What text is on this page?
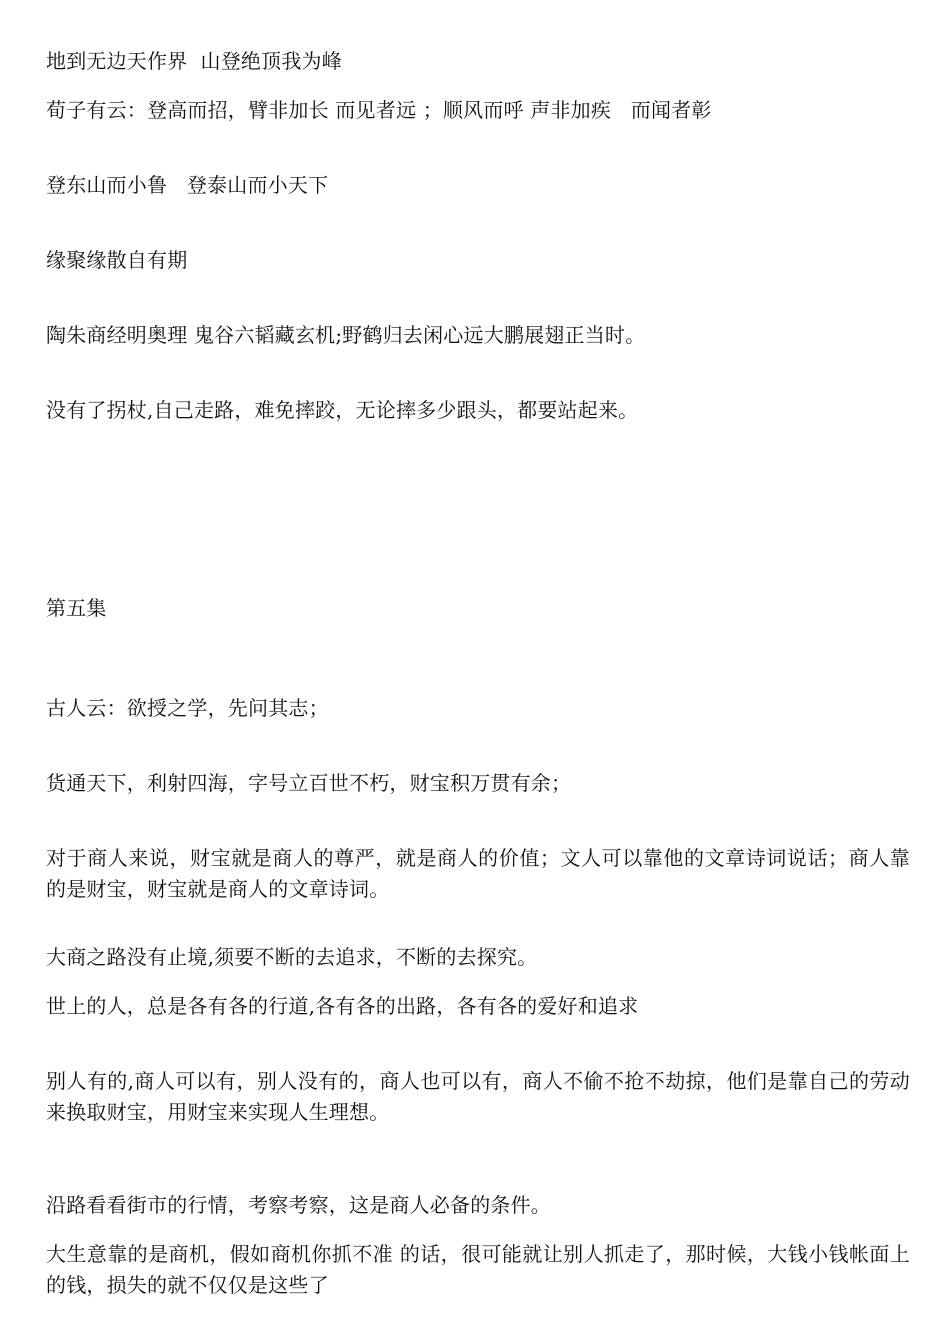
地到无边天作界  山登绝顶我为峰
荀子有云：登高而招，臂非加长 而见者远 ；顺风而呼 声非加疾   而闻者彰
登东山而小鲁   登泰山而小天下
缘聚缘散自有期
陶朱商经明奥理 鬼谷六韬藏玄机;野鹤归去闲心远大鹏展翅正当时。
没有了拐杖,自己走路，难免摔跤，无论摔多少跟头，都要站起来。
第五集
古人云：欲授之学，先问其志；
货通天下，利射四海，字号立百世不朽，财宝积万贯有余；
对于商人来说，财宝就是商人的尊严，就是商人的价值；文人可以靠他的文章诗词说话；商人靠的是财宝，财宝就是商人的文章诗词。
大商之路没有止境,须要不断的去追求，不断的去探究。
世上的人，总是各有各的行道,各有各的出路，各有各的爱好和追求
别人有的,商人可以有，别人没有的，商人也可以有，商人不偷不抢不劫掠，他们是靠自己的劳动来换取财宝，用财宝来实现人生理想。
沿路看看街市的行情，考察考察，这是商人必备的条件。
大生意靠的是商机，假如商机你抓不准 的话，很可能就让别人抓走了，那时候，大钱小钱帐面上的钱，损失的就不仅仅是这些了
